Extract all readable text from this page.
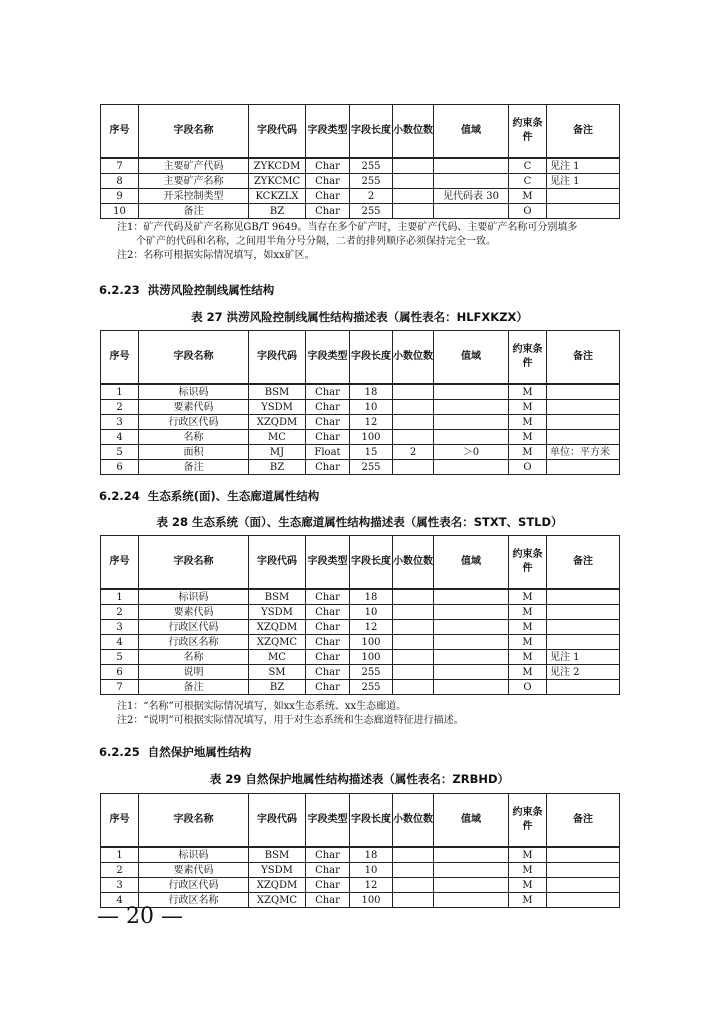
序号	字段名称	字段代码	字段类型	字段长度	小数位数	值域	约束条件	备注
7	主要矿产代码	ZYKCDM	Char	255			C	见注 1
8	主要矿产名称	ZYKCMC	Char	255			C	见注 1
9	开采控制类型	KCKZLX	Char	2		见代码表 30	M	
10	备注	BZ	Char	255			O	
注1：矿产代码及矿产名称见GB/T 9649。当存在多个矿产时，主要矿产代码、主要矿产名称可分别填多
个矿产的代码和名称，之间用半角分号分隔，二者的排列顺序必须保持完全一致。
注2：名称可根据实际情况填写，如xx矿区。
6.2.23 洪涝风险控制线属性结构
表 27 洪涝风险控制线属性结构描述表（属性表名：HLFXKZX）
序号	字段名称	字段代码	字段类型	字段长度	小数位数	值域	约束条件	备注
1	标识码	BSM	Char	18			M	
2	要素代码	YSDM	Char	10			M	
3	行政区代码	XZQDM	Char	12			M	
4	名称	MC	Char	100			M	
5	面积	MJ	Float	15	2	＞0	M	单位：平方米
6	备注	BZ	Char	255			O	
6.2.24 生态系统(面)、生态廊道属性结构
表 28 生态系统（面）、生态廊道属性结构描述表（属性表名：STXT、STLD）
序号	字段名称	字段代码	字段类型	字段长度	小数位数	值域	约束条件	备注
1	标识码	BSM	Char	18			M	
2	要素代码	YSDM	Char	10			M	
3	行政区代码	XZQDM	Char	12			M	
4	行政区名称	XZQMC	Char	100			M	
5	名称	MC	Char	100			M	见注 1
6	说明	SM	Char	255			M	见注 2
7	备注	BZ	Char	255			O	
注1：“名称”可根据实际情况填写，如xx生态系统、xx生态廊道。
注2：“说明”可根据实际情况填写，用于对生态系统和生态廊道特征进行描述。
6.2.25 自然保护地属性结构
表 29 自然保护地属性结构描述表（属性表名：ZRBHD）
序号	字段名称	字段代码	字段类型	字段长度	小数位数	值域	约束条件	备注
1	标识码	BSM	Char	18			M	
2	要素代码	YSDM	Char	10			M	
3	行政区代码	XZQDM	Char	12			M	
4	行政区名称	XZQMC	Char	100			M	
— 20 —
